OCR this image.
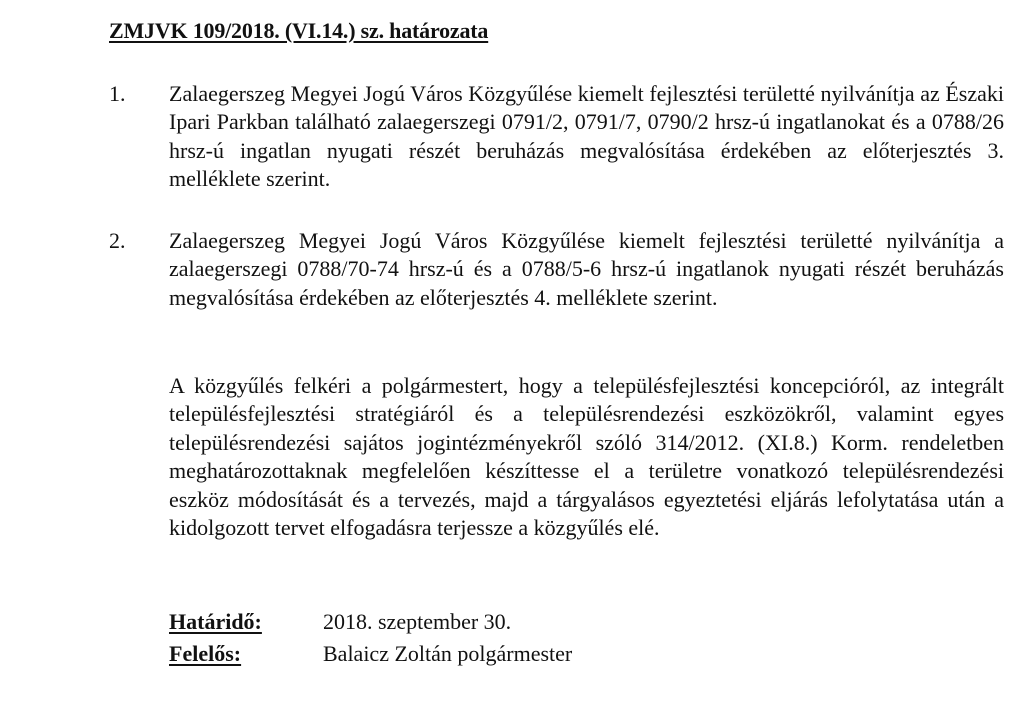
ZMJVK 109/2018. (VI.14.) sz. határozata
1. Zalaegerszeg Megyei Jogú Város Közgyűlése kiemelt fejlesztési területté nyilvánítja az Északi Ipari Parkban található zalaegerszegi 0791/2, 0791/7, 0790/2 hrsz-ú ingatlanokat és a 0788/26 hrsz-ú ingatlan nyugati részét beruházás megvalósítása érdekében az előterjesztés 3. melléklete szerint.
2. Zalaegerszeg Megyei Jogú Város Közgyűlése kiemelt fejlesztési területté nyilvánítja a zalaegerszegi 0788/70-74 hrsz-ú és a 0788/5-6 hrsz-ú ingatlanok nyugati részét beruházás megvalósítása érdekében az előterjesztés 4. melléklete szerint.
A közgyűlés felkéri a polgármestert, hogy a településfejlesztési koncepcióról, az integrált településfejlesztési stratégiáról és a településrendezési eszközökről, valamint egyes településrendezési sajátos jogintézményekről szóló 314/2012. (XI.8.) Korm. rendeletben meghatározottaknak megfelelően készíttesse el a területre vonatkozó településrendezési eszköz módosítását és a tervezés, majd a tárgyalásos egyeztetési eljárás lefolytatása után a kidolgozott tervet elfogadásra terjessze a közgyűlés elé.
Határidő:	2018. szeptember 30.
Felelős:	Balaicz Zoltán polgármester
